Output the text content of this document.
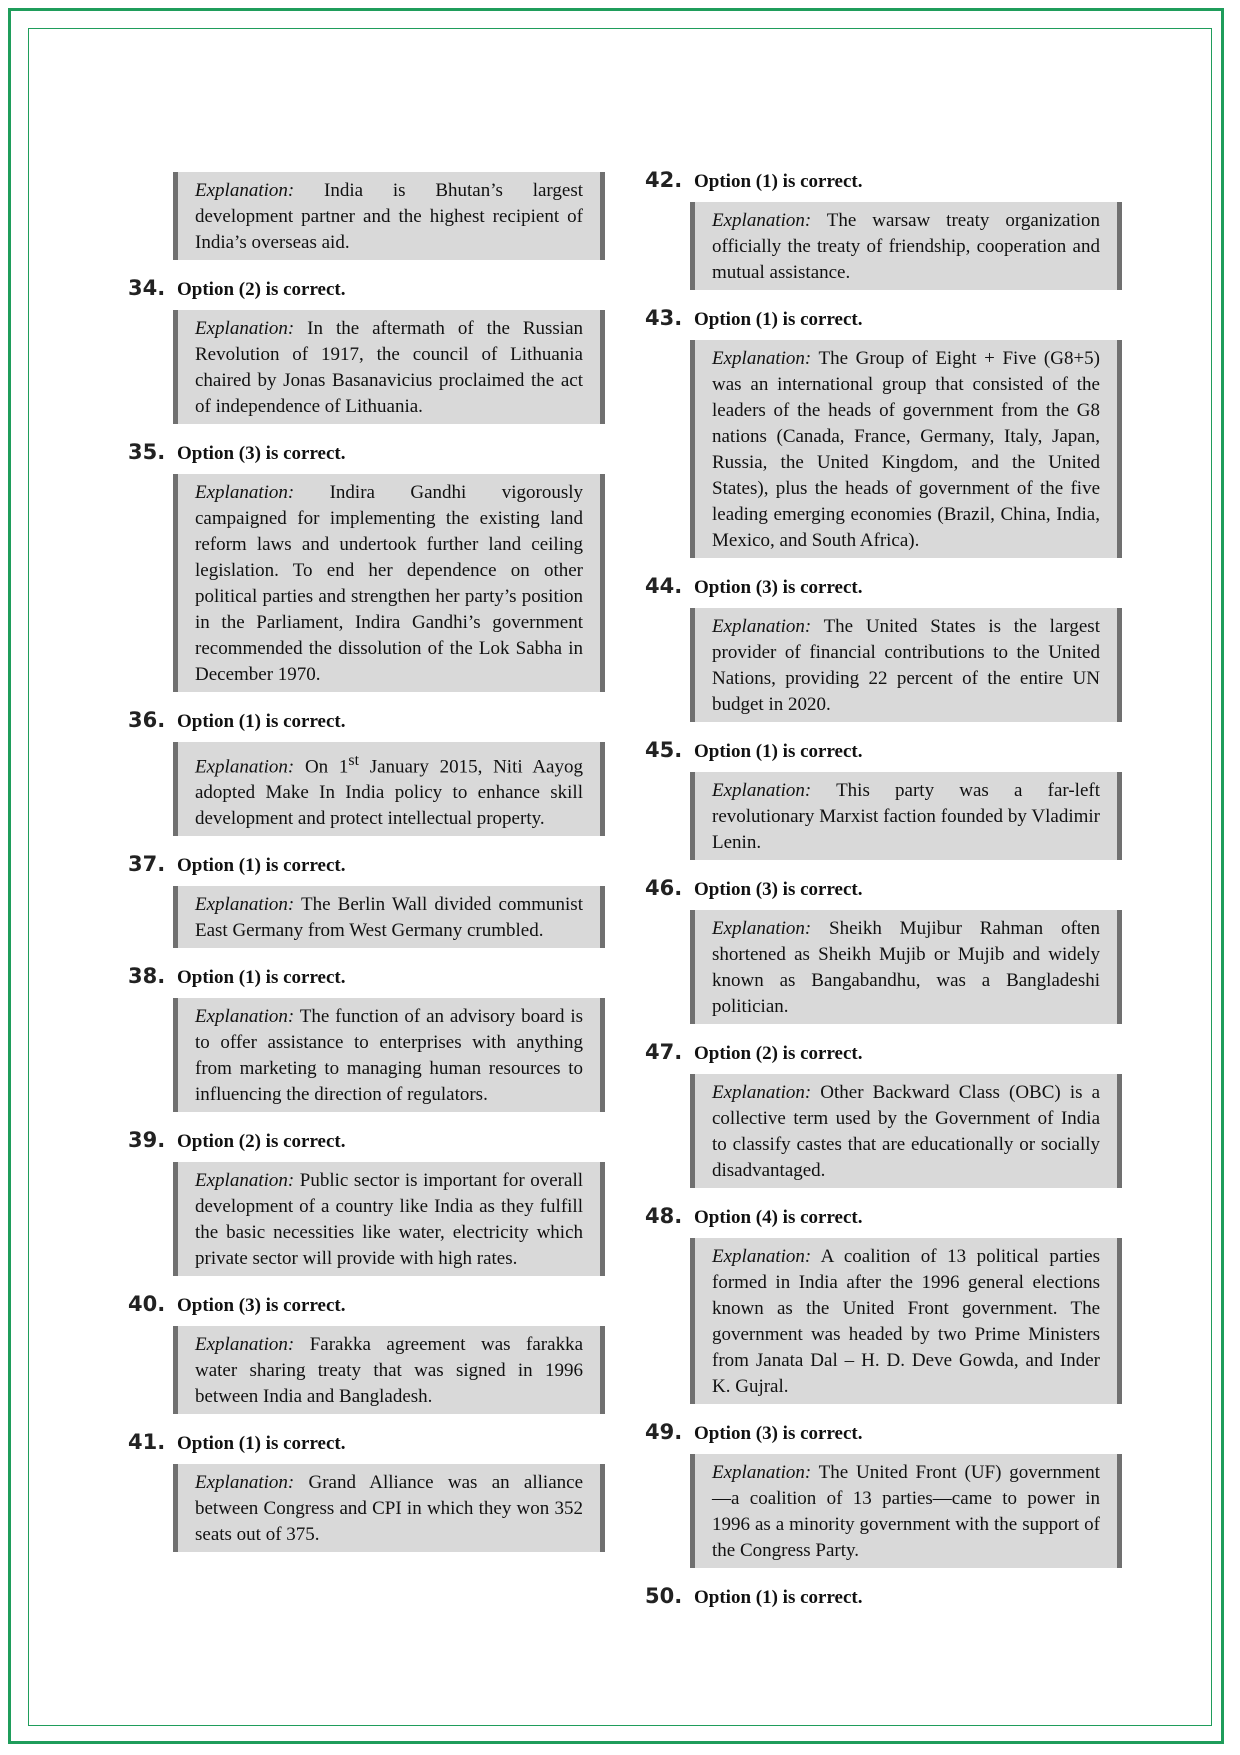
Explanation: India is Bhutan’s largest development partner and the highest recipient of India’s overseas aid.
34. Option (2) is correct.
Explanation: In the aftermath of the Russian Revolution of 1917, the council of Lithuania chaired by Jonas Basanavicius proclaimed the act of independence of Lithuania.
35. Option (3) is correct.
Explanation: Indira Gandhi vigorously campaigned for implementing the existing land reform laws and undertook further land ceiling legislation. To end her dependence on other political parties and strengthen her party’s position in the Parliament, Indira Gandhi’s government recommended the dissolution of the Lok Sabha in December 1970.
36. Option (1) is correct.
Explanation: On 1st January 2015, Niti Aayog adopted Make In India policy to enhance skill development and protect intellectual property.
37. Option (1) is correct.
Explanation: The Berlin Wall divided communist East Germany from West Germany crumbled.
38. Option (1) is correct.
Explanation: The function of an advisory board is to offer assistance to enterprises with anything from marketing to managing human resources to influencing the direction of regulators.
39. Option (2) is correct.
Explanation: Public sector is important for overall development of a country like India as they fulfill the basic necessities like water, electricity which private sector will provide with high rates.
40. Option (3) is correct.
Explanation: Farakka agreement was farakka water sharing treaty that was signed in 1996 between India and Bangladesh.
41. Option (1) is correct.
Explanation: Grand Alliance was an alliance between Congress and CPI in which they won 352 seats out of 375.
42. Option (1) is correct.
Explanation: The warsaw treaty organization officially the treaty of friendship, cooperation and mutual assistance.
43. Option (1) is correct.
Explanation: The Group of Eight + Five (G8+5) was an international group that consisted of the leaders of the heads of government from the G8 nations (Canada, France, Germany, Italy, Japan, Russia, the United Kingdom, and the United States), plus the heads of government of the five leading emerging economies (Brazil, China, India, Mexico, and South Africa).
44. Option (3) is correct.
Explanation: The United States is the largest provider of financial contributions to the United Nations, providing 22 percent of the entire UN budget in 2020.
45. Option (1) is correct.
Explanation: This party was a far-left revolutionary Marxist faction founded by Vladimir Lenin.
46. Option (3) is correct.
Explanation: Sheikh Mujibur Rahman often shortened as Sheikh Mujib or Mujib and widely known as Bangabandhu, was a Bangladeshi politician.
47. Option (2) is correct.
Explanation: Other Backward Class (OBC) is a collective term used by the Government of India to classify castes that are educationally or socially disadvantaged.
48. Option (4) is correct.
Explanation: A coalition of 13 political parties formed in India after the 1996 general elections known as the United Front government. The government was headed by two Prime Ministers from Janata Dal – H. D. Deve Gowda, and Inder K. Gujral.
49. Option (3) is correct.
Explanation: The United Front (UF) government—a coalition of 13 parties—came to power in 1996 as a minority government with the support of the Congress Party.
50. Option (1) is correct.
